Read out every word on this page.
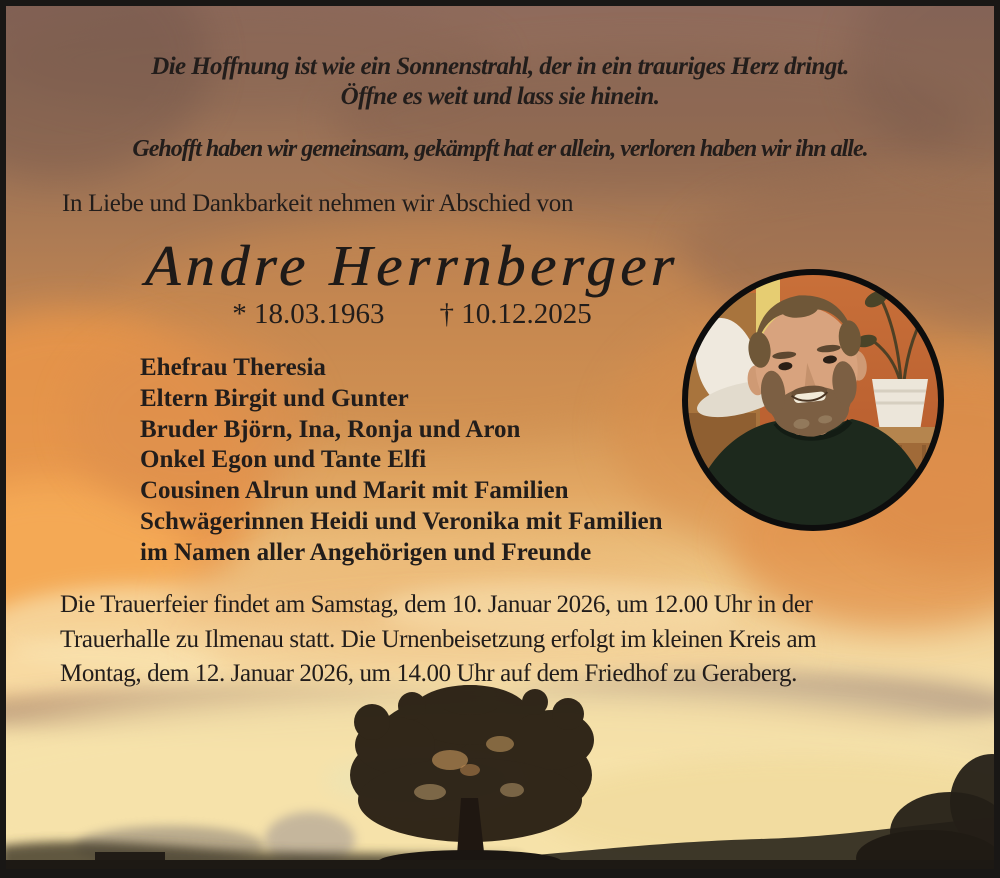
Die Hoffnung ist wie ein Sonnenstrahl, der in ein trauriges Herz dringt.
Öffne es weit und lass sie hinein.
Gehofft haben wir gemeinsam, gekämpft hat er allein, verloren haben wir ihn alle.
In Liebe und Dankbarkeit nehmen wir Abschied von
Andre Herrnberger
* 18.03.1963 † 10.12.2025
Ehefrau Theresia
Eltern Birgit und Gunter
Bruder Björn, Ina, Ronja und Aron
Onkel Egon und Tante Elfi
Cousinen Alrun und Marit mit Familien
Schwägerinnen Heidi und Veronika mit Familien
im Namen aller Angehörigen und Freunde
Die Trauerfeier findet am Samstag, dem 10. Januar 2026, um 12.00 Uhr in der
Trauerhalle zu Ilmenau statt. Die Urnenbeisetzung erfolgt im kleinen Kreis am
Montag, dem 12. Januar 2026, um 14.00 Uhr auf dem Friedhof zu Geraberg.
